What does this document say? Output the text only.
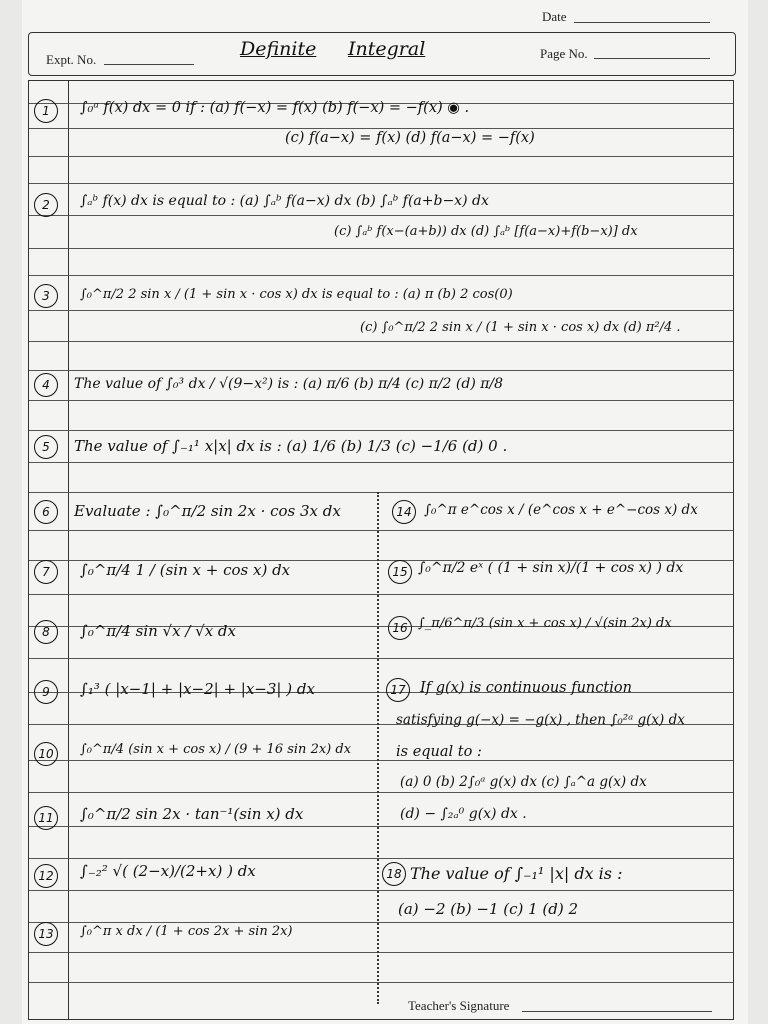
Date
Expt. No.	Definite Integral	Page No.
1	∫₀ᵃ f(x) dx = 0 if : (a) f(−x) = f(x) (b) f(−x) = −f(x) ◉ .
(c) f(a−x) = f(x) (d) f(a−x) = −f(x)
2	∫ₐᵇ f(x) dx is equal to : (a) ∫ₐᵇ f(a−x) dx (b) ∫ₐᵇ f(a+b−x) dx
(c) ∫ₐᵇ f(x−(a+b)) dx (d) ∫ₐᵇ [f(a−x)+f(b−x)] dx
3	∫₀^π/2 2 sin x / (1 + sin x · cos x) dx is equal to : (a) π (b) 2 cos(0)
(c) ∫₀^π/2 2 sin x / (1 + sin x · cos x) dx (d) π²/4 .
4	The value of ∫₀³ dx / √(9−x²) is : (a) π/6 (b) π/4 (c) π/2 (d) π/8
5	The value of ∫₋₁¹ x|x| dx is : (a) 1/6 (b) 1/3 (c) −1/6 (d) 0 .
6	Evaluate : ∫₀^π/2 sin 2x · cos 3x dx
7	∫₀^π/4 1 / (sin x + cos x) dx
8	∫₀^π/4 sin √x / √x dx
9	∫₁³ ( |x−1| + |x−2| + |x−3| ) dx
10	∫₀^π/4 (sin x + cos x) / (9 + 16 sin 2x) dx
11 ∫₀^π/2 sin 2x · tan⁻¹(sin x) dx
12 ∫₋₂² √( (2−x)/(2+x) ) dx
13	∫₀^π x dx / (1 + cos 2x + sin 2x)
14 ∫₀^π e^cos x / (e^cos x + e^−cos x) dx
15 ∫₀^π/2 eˣ ( (1 + sin x)/(1 + cos x) ) dx
16 ∫_π/6^π/3 (sin x + cos x) / √(sin 2x) dx
17 If g(x) is continuous function
satisfying g(−x) = −g(x) , then ∫₀²ᵃ g(x) dx
is equal to :
(a) 0 (b) 2∫₀ᵃ g(x) dx (c) ∫ₐ^a g(x) dx
(d) − ∫₂ₐ⁰ g(x) dx .
18 The value of ∫₋₁¹ |x| dx is :
(a) −2 (b) −1 (c) 1 (d) 2
Teacher's Signature
